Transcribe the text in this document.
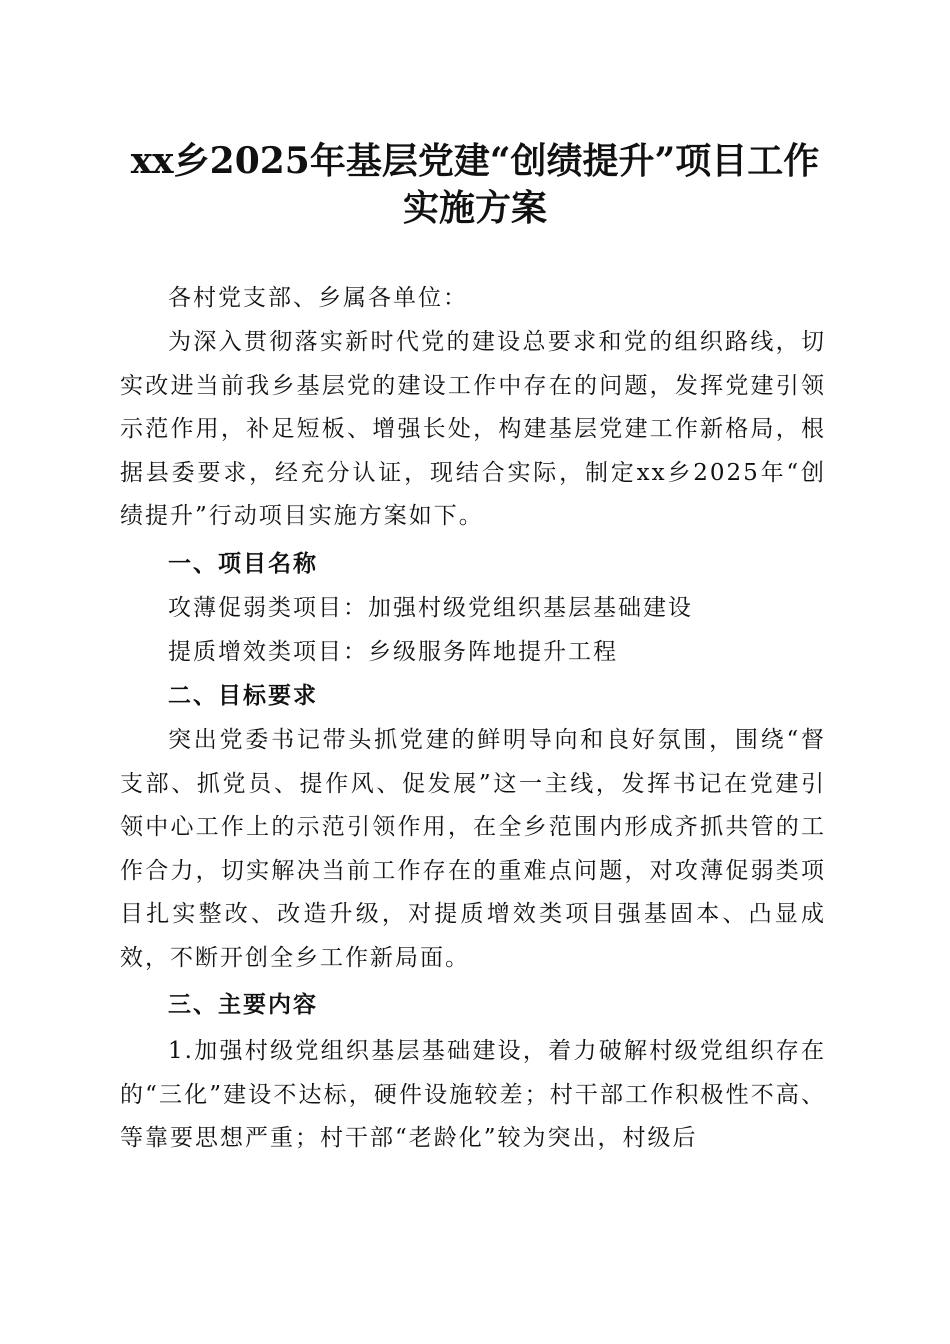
xx乡2025年基层党建“创绩提升”项目工作
实施方案

各村党支部、乡属各单位：

为深入贯彻落实新时代党的建设总要求和党的组织路线，切实改进当前我乡基层党的建设工作中存在的问题，发挥党建引领示范作用，补足短板、增强长处，构建基层党建工作新格局，根据县委要求，经充分认证，现结合实际，制定xx乡2025年“创绩提升”行动项目实施方案如下。

一、项目名称

攻薄促弱类项目：加强村级党组织基层基础建设

提质增效类项目：乡级服务阵地提升工程

二、目标要求

突出党委书记带头抓党建的鲜明导向和良好氛围，围绕“督支部、抓党员、提作风、促发展”这一主线，发挥书记在党建引领中心工作上的示范引领作用，在全乡范围内形成齐抓共管的工作合力，切实解决当前工作存在的重难点问题，对攻薄促弱类项目扎实整改、改造升级，对提质增效类项目强基固本、凸显成效，不断开创全乡工作新局面。

三、主要内容

1.加强村级党组织基层基础建设，着力破解村级党组织存在的“三化”建设不达标，硬件设施较差；村干部工作积极性不高、等靠要思想严重；村干部“老龄化”较为突出，村级后
